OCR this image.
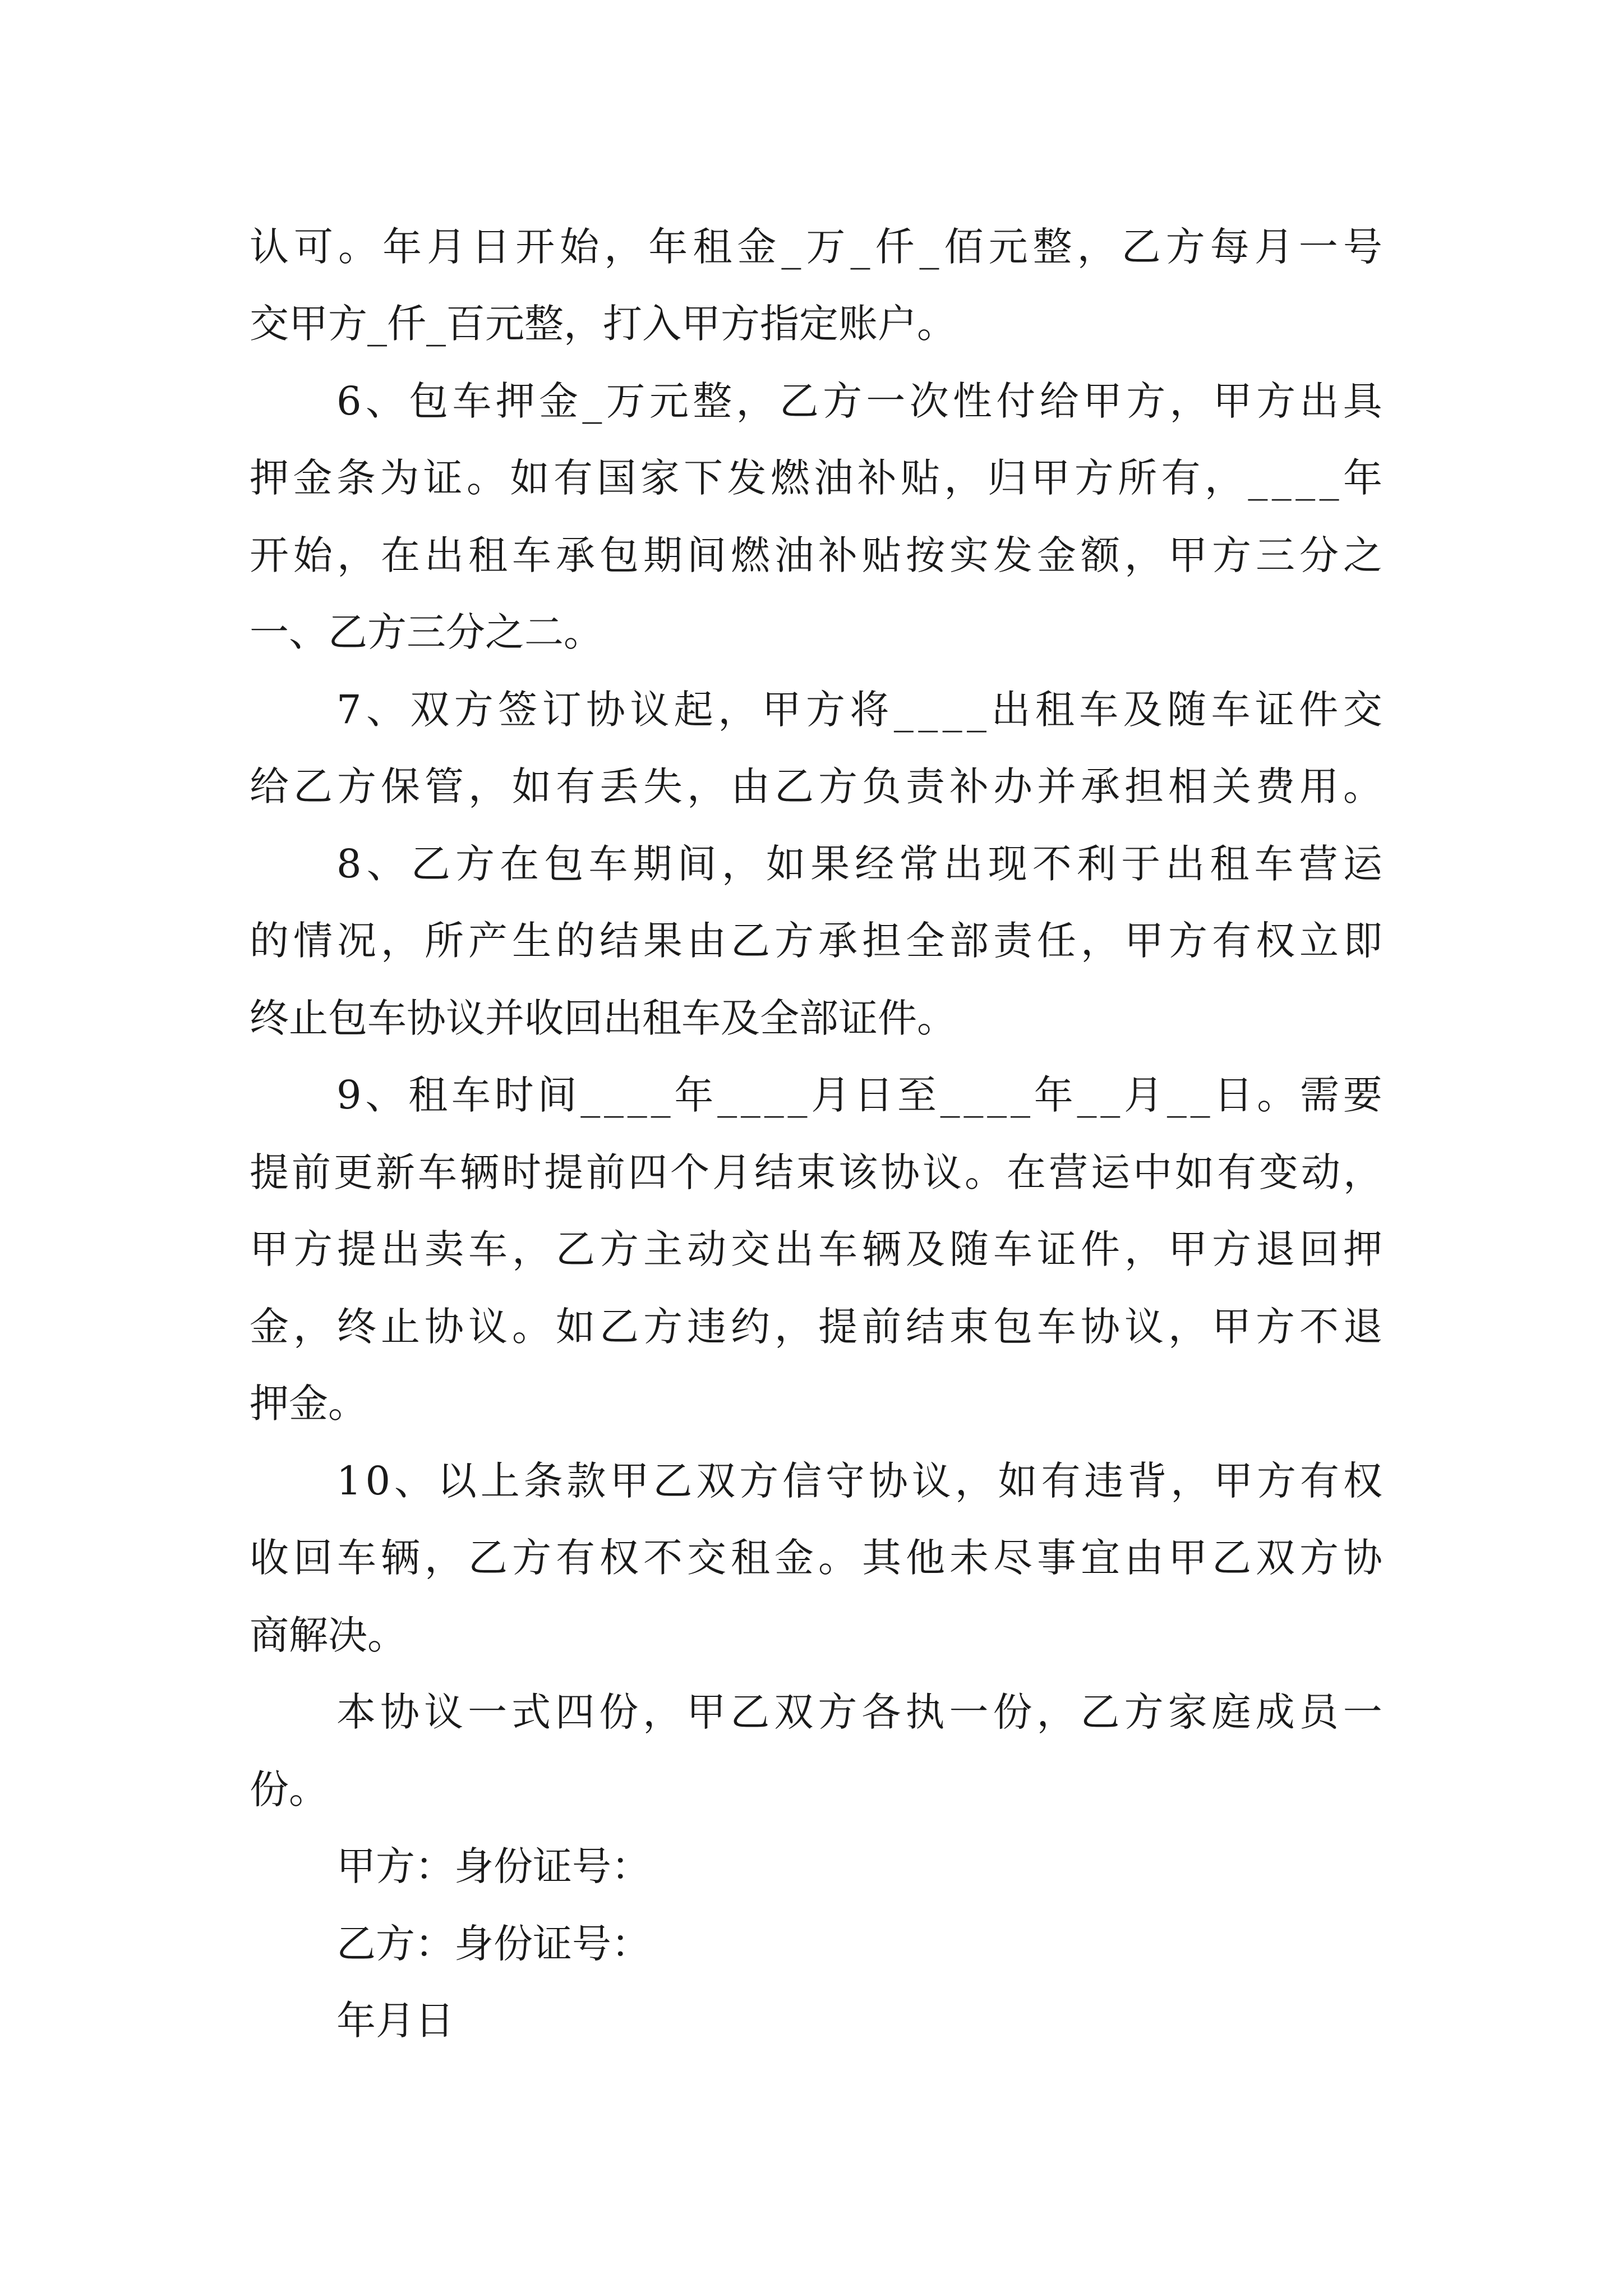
认 可 。 年 月 日 开 始 ， 年 租 金 _ 万 _ 仟 _ 佰 元 整 ， 乙 方 每 月 一 号
交甲方_仟_百元整，打入甲方指定账户。
6 、 包 车 押 金 _ 万 元 整 ， 乙 方 一 次 性 付 给 甲 方 ， 甲 方 出 具
押 金 条 为 证 。 如 有 国 家 下 发 燃 油 补 贴 ， 归 甲 方 所 有 ， _ _ _ _ 年
开 始 ， 在 出 租 车 承 包 期 间 燃 油 补 贴 按 实 发 金 额 ， 甲 方 三 分 之
一、乙方三分之二。
7 、 双 方 签 订 协 议 起 ， 甲 方 将 _ _ _ _ 出 租 车 及 随 车 证 件 交
给 乙 方 保 管 ， 如 有 丢 失 ， 由 乙 方 负 责 补 办 并 承 担 相 关 费 用 。
8 、 乙 方 在 包 车 期 间 ， 如 果 经 常 出 现 不 利 于 出 租 车 营 运
的 情 况 ， 所 产 生 的 结 果 由 乙 方 承 担 全 部 责 任 ， 甲 方 有 权 立 即
终止包车协议并收回出租车及全部证件。
9 、 租 车 时 间 _ _ _ _ 年 _ _ _ _ 月 日 至 _ _ _ _ 年 _ _ 月 _ _ 日 。 需 要
提 前 更 新 车 辆 时 提 前 四 个 月 结 束 该 协 议 。 在 营 运 中 如 有 变 动 ，
甲 方 提 出 卖 车 ， 乙 方 主 动 交 出 车 辆 及 随 车 证 件 ， 甲 方 退 回 押
金 ， 终 止 协 议 。 如 乙 方 违 约 ， 提 前 结 束 包 车 协 议 ， 甲 方 不 退
押金。
1 0 、 以 上 条 款 甲 乙 双 方 信 守 协 议 ， 如 有 违 背 ， 甲 方 有 权
收 回 车 辆 ， 乙 方 有 权 不 交 租 金 。 其 他 未 尽 事 宜 由 甲 乙 双 方 协
商解决。
本 协 议 一 式 四 份 ， 甲 乙 双 方 各 执 一 份 ， 乙 方 家 庭 成 员 一
份。
甲方：身份证号：
乙方：身份证号：
年月日
